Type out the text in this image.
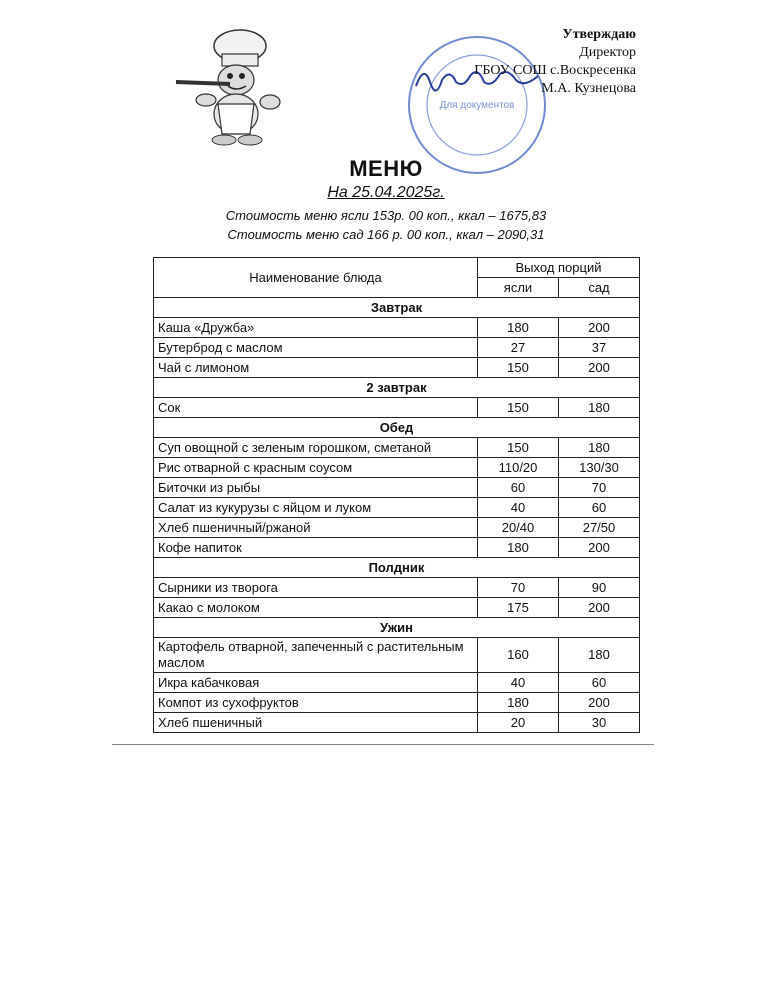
Для документов
Утверждаю
Директор
ГБОУ СОШ с.Воскресенка
М.А. Кузнецова
МЕНЮ
На 25.04.2025г.
Стоимость меню ясли 153р. 00 коп., ккал – 1675,83
Стоимость меню сад 166 р. 00 коп., ккал – 2090,31
Наименование блюда	Выход порций	
	ясли	сад
Завтрак		
Каша «Дружба»	180	200
Бутерброд с маслом	27	37
Чай с лимоном	150	200
2 завтрак		
Сок	150	180
Обед		
Суп овощной с зеленым горошком, сметаной	150	180
Рис отварной с красным соусом	110/20	130/30
Биточки из рыбы	60	70
Салат из кукурузы с яйцом и луком	40	60
Хлеб пшеничный/ржаной	20/40	27/50
Кофе напиток	180	200
Полдник		
Сырники из творога	70	90
Какао с молоком	175	200
Ужин		
Картофель отварной, запеченный с растительным маслом	160	180
Икра кабачковая	40	60
Компот из сухофруктов	180	200
Хлеб пшеничный	20	30
